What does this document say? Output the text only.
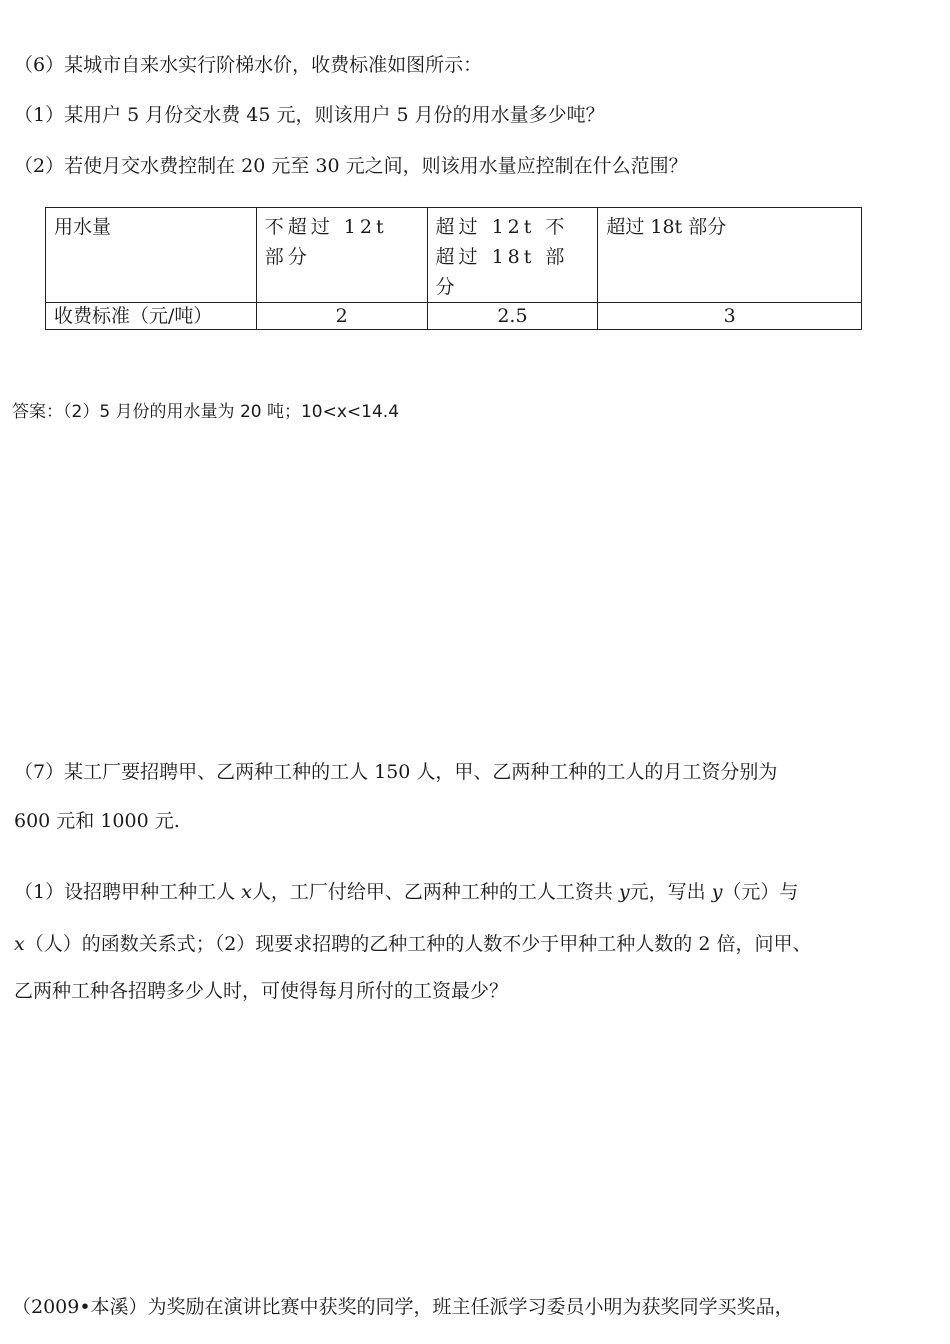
（6）某城市自来水实行阶梯水价，收费标准如图所示：
（1）某用户 5 月份交水费 45 元，则该用户 5 月份的用水量多少吨？
（2）若使月交水费控制在 20 元至 30 元之间，则该用水量应控制在什么范围？
用水量	不超过 12t 部分	超过 12t 不超过 18t 部分	超过 18t 部分
收费标准（元/吨）	2	2.5	3
答案：（2）5 月份的用水量为 20 吨；10<x<14.4
（7）某工厂要招聘甲、乙两种工种的工人 150 人，甲、乙两种工种的工人的月工资分别为
600 元和 1000 元.
（1）设招聘甲种工种工人 x人，工厂付给甲、乙两种工种的工人工资共 y元，写出 y（元）与
x（人）的函数关系式；（2）现要求招聘的乙种工种的人数不少于甲种工种人数的 2 倍，问甲、
乙两种工种各招聘多少人时，可使得每月所付的工资最少？
（2009•本溪）为奖励在演讲比赛中获奖的同学，班主任派学习委员小明为获奖同学买奖品，
